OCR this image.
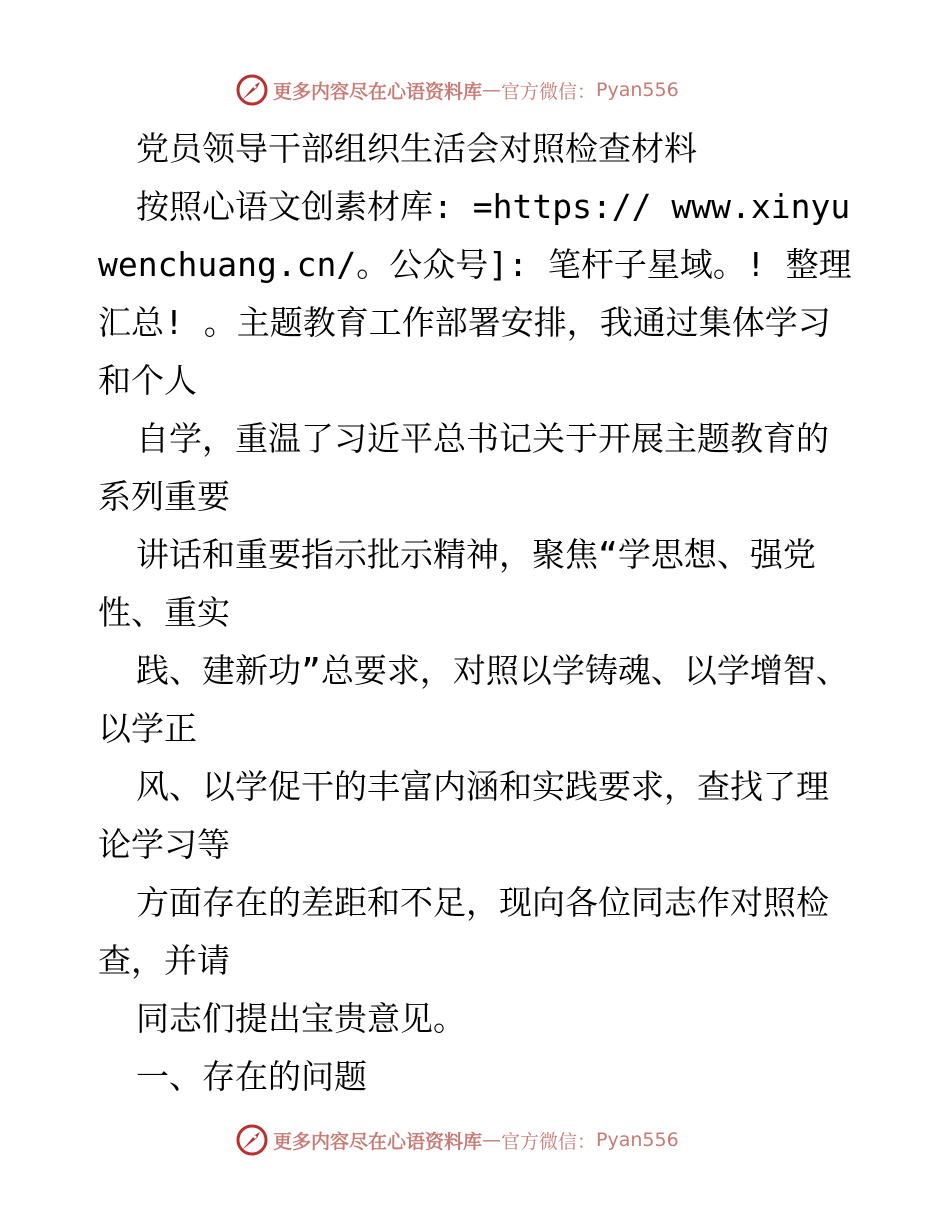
更多内容尽在心语资料库 — 官方微信： Pyan556

党员领导干部组织生活会对照检查材料

按照心语文创素材库: =https:// www.xinyuwenchuang.cn/。公众号]: 笔杆子星域。! 整理汇总! 。主题教育工作部署安排，我通过集体学习和个人

自学，重温了习近平总书记关于开展主题教育的系列重要

讲话和重要指示批示精神，聚焦“学思想、强党性、重实

践、建新功”总要求，对照以学铸魂、以学增智、以学正

风、以学促干的丰富内涵和实践要求，查找了理论学习等

方面存在的差距和不足，现向各位同志作对照检查，并请

同志们提出宝贵意见。

一、存在的问题

更多内容尽在心语资料库 — 官方微信： Pyan556
